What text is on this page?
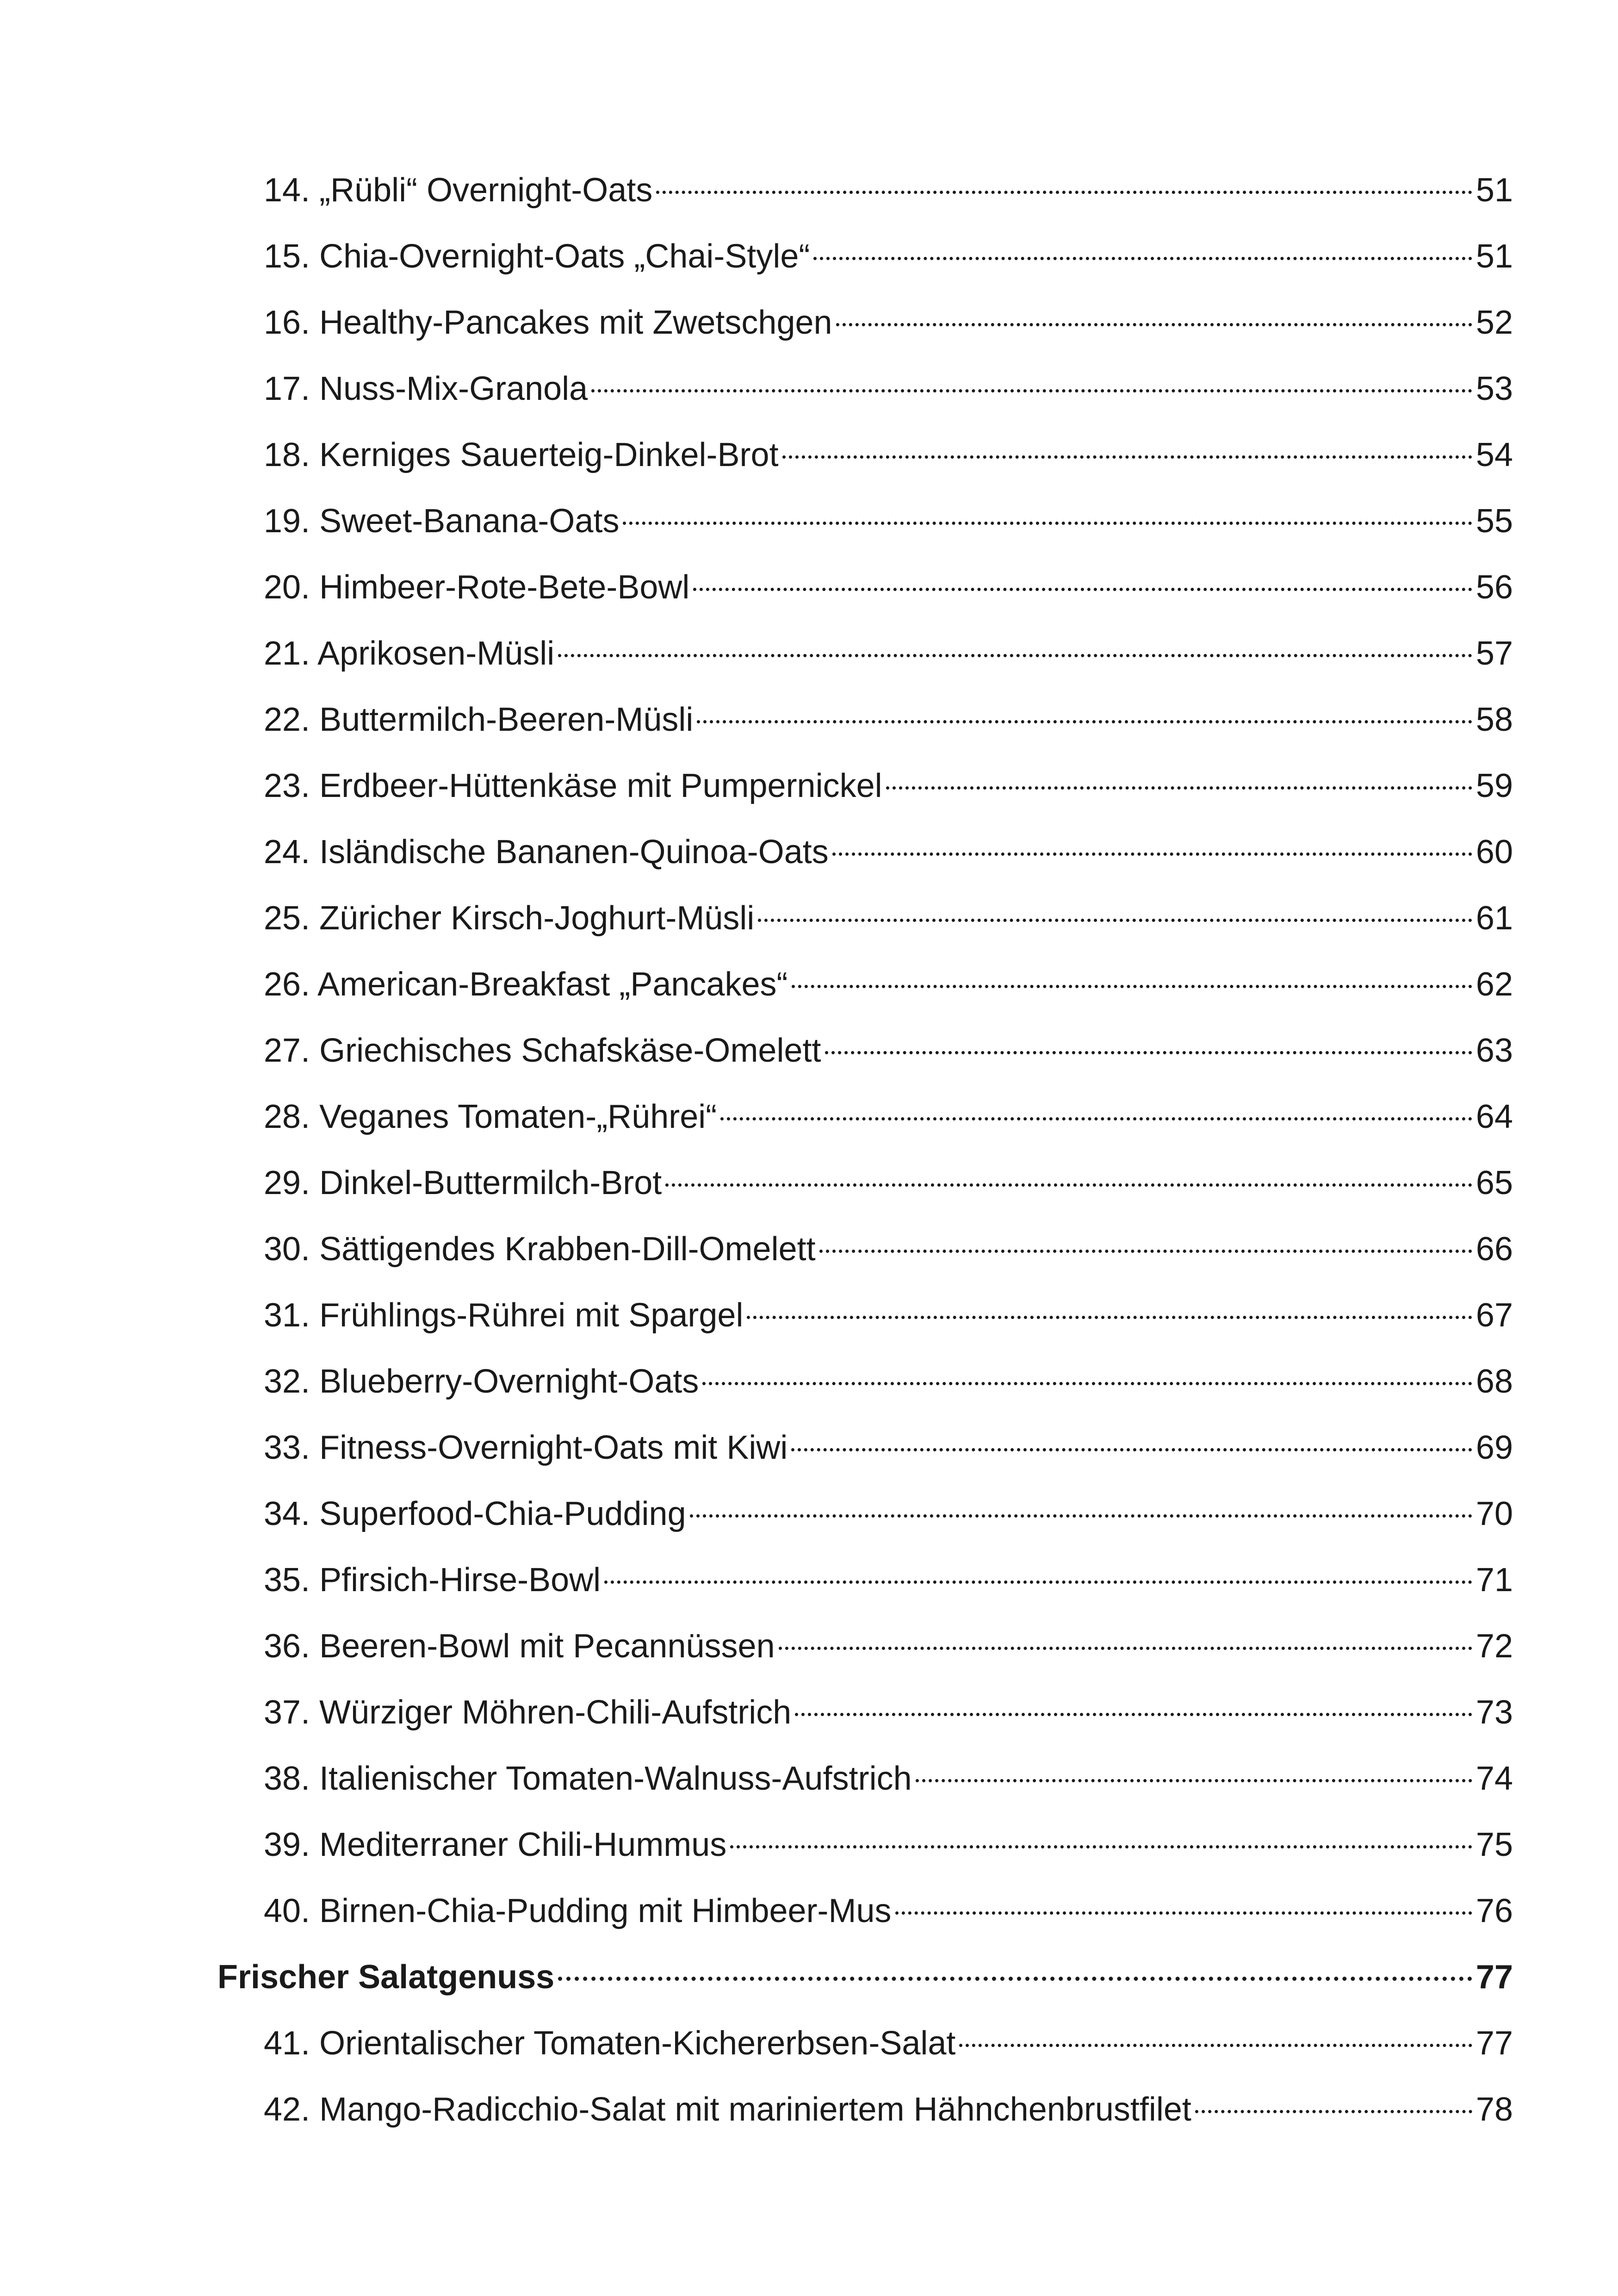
14. „Rübli“ Overnight-Oats	51
15. Chia-Overnight-Oats „Chai-Style“	51
16. Healthy-Pancakes mit Zwetschgen	52
17. Nuss-Mix-Granola	53
18. Kerniges Sauerteig-Dinkel-Brot	54
19. Sweet-Banana-Oats	55
20. Himbeer-Rote-Bete-Bowl	56
21. Aprikosen-Müsli	57
22. Buttermilch-Beeren-Müsli	58
23. Erdbeer-Hüttenkäse mit Pumpernickel	59
24. Isländische Bananen-Quinoa-Oats	60
25. Züricher Kirsch-Joghurt-Müsli	61
26. American-Breakfast „Pancakes“	62
27. Griechisches Schafskäse-Omelett	63
28. Veganes Tomaten-„Rührei“	64
29. Dinkel-Buttermilch-Brot	65
30. Sättigendes Krabben-Dill-Omelett	66
31. Frühlings-Rührei mit Spargel	67
32. Blueberry-Overnight-Oats	68
33. Fitness-Overnight-Oats mit Kiwi	69
34. Superfood-Chia-Pudding	70
35. Pfirsich-Hirse-Bowl	71
36. Beeren-Bowl mit Pecannüssen	72
37. Würziger Möhren-Chili-Aufstrich	73
38. Italienischer Tomaten-Walnuss-Aufstrich	74
39. Mediterraner Chili-Hummus	75
40. Birnen-Chia-Pudding mit Himbeer-Mus	76
Frischer Salatgenuss	77
41. Orientalischer Tomaten-Kichererbsen-Salat	77
42. Mango-Radicchio-Salat mit mariniertem Hähnchenbrustfilet	78
